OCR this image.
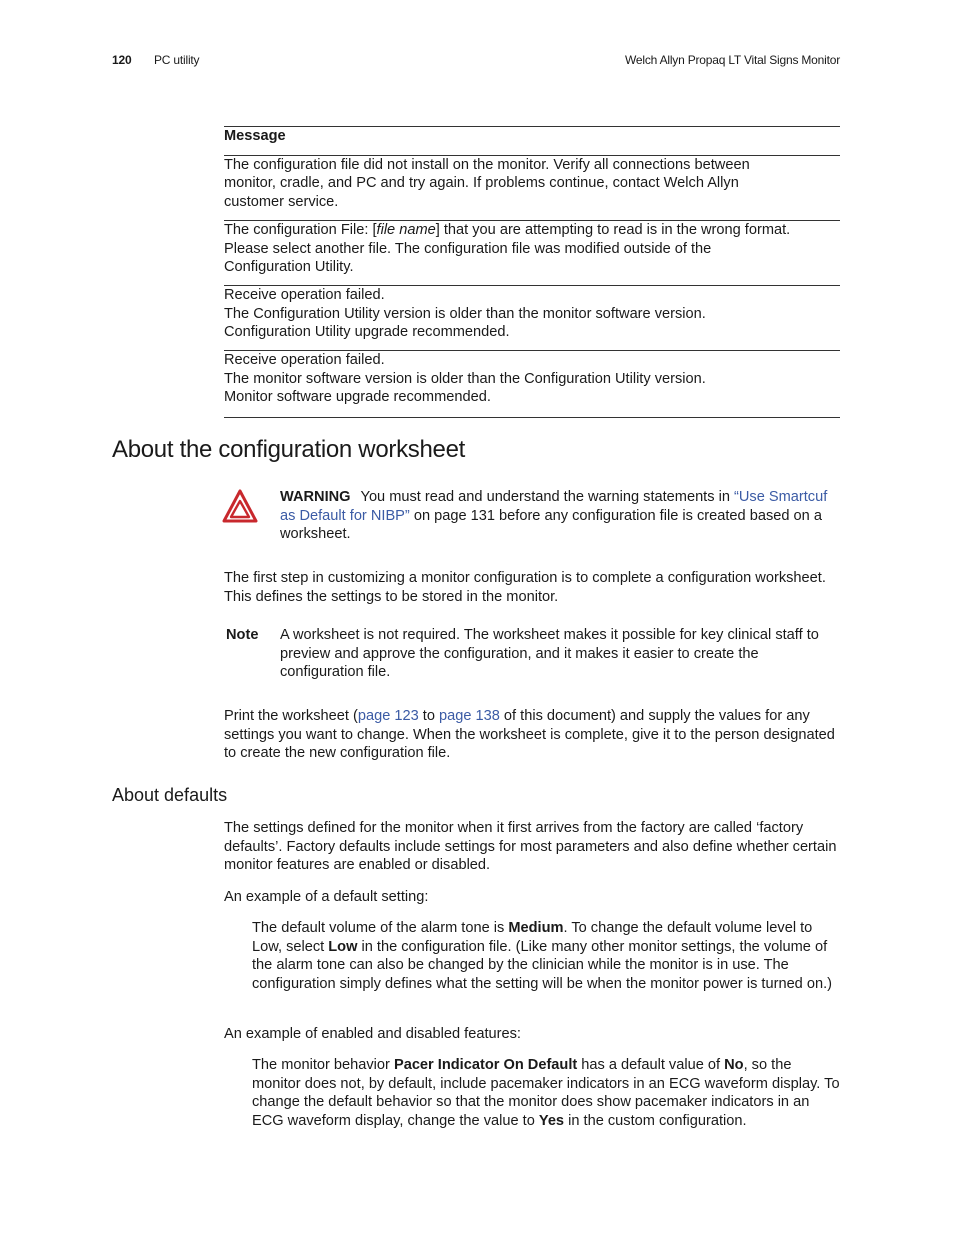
120 PC utility	Welch Allyn Propaq LT Vital Signs Monitor
Message

The configuration file did not install on the monitor. Verify all connections between
monitor, cradle, and PC and try again. If problems continue, contact Welch Allyn
customer service.

The configuration File: [file name] that you are attempting to read is in the wrong format.
Please select another file. The configuration file was modified outside of the
Configuration Utility.

Receive operation failed.
The Configuration Utility version is older than the monitor software version.
Configuration Utility upgrade recommended.

Receive operation failed.
The monitor software version is older than the Configuration Utility version.
Monitor software upgrade recommended.
About the configuration worksheet
WARNING You must read and understand the warning statements in “Use Smartcuf as Default for NIBP” on page 131 before any configuration file is created based on a worksheet.
The first step in customizing a monitor configuration is to complete a configuration worksheet. This defines the settings to be stored in the monitor.
Note A worksheet is not required. The worksheet makes it possible for key clinical staff to preview and approve the configuration, and it makes it easier to create the configuration file.
Print the worksheet (page 123 to page 138 of this document) and supply the values for any settings you want to change. When the worksheet is complete, give it to the person designated to create the new configuration file.
About defaults
The settings defined for the monitor when it first arrives from the factory are called ‘factory defaults’. Factory defaults include settings for most parameters and also define whether certain monitor features are enabled or disabled.
An example of a default setting:
The default volume of the alarm tone is Medium. To change the default volume level to Low, select Low in the configuration file. (Like many other monitor settings, the volume of the alarm tone can also be changed by the clinician while the monitor is in use. The configuration simply defines what the setting will be when the monitor power is turned on.)
An example of enabled and disabled features:
The monitor behavior Pacer Indicator On Default has a default value of No, so the monitor does not, by default, include pacemaker indicators in an ECG waveform display. To change the default behavior so that the monitor does show pacemaker indicators in an ECG waveform display, change the value to Yes in the custom configuration.
